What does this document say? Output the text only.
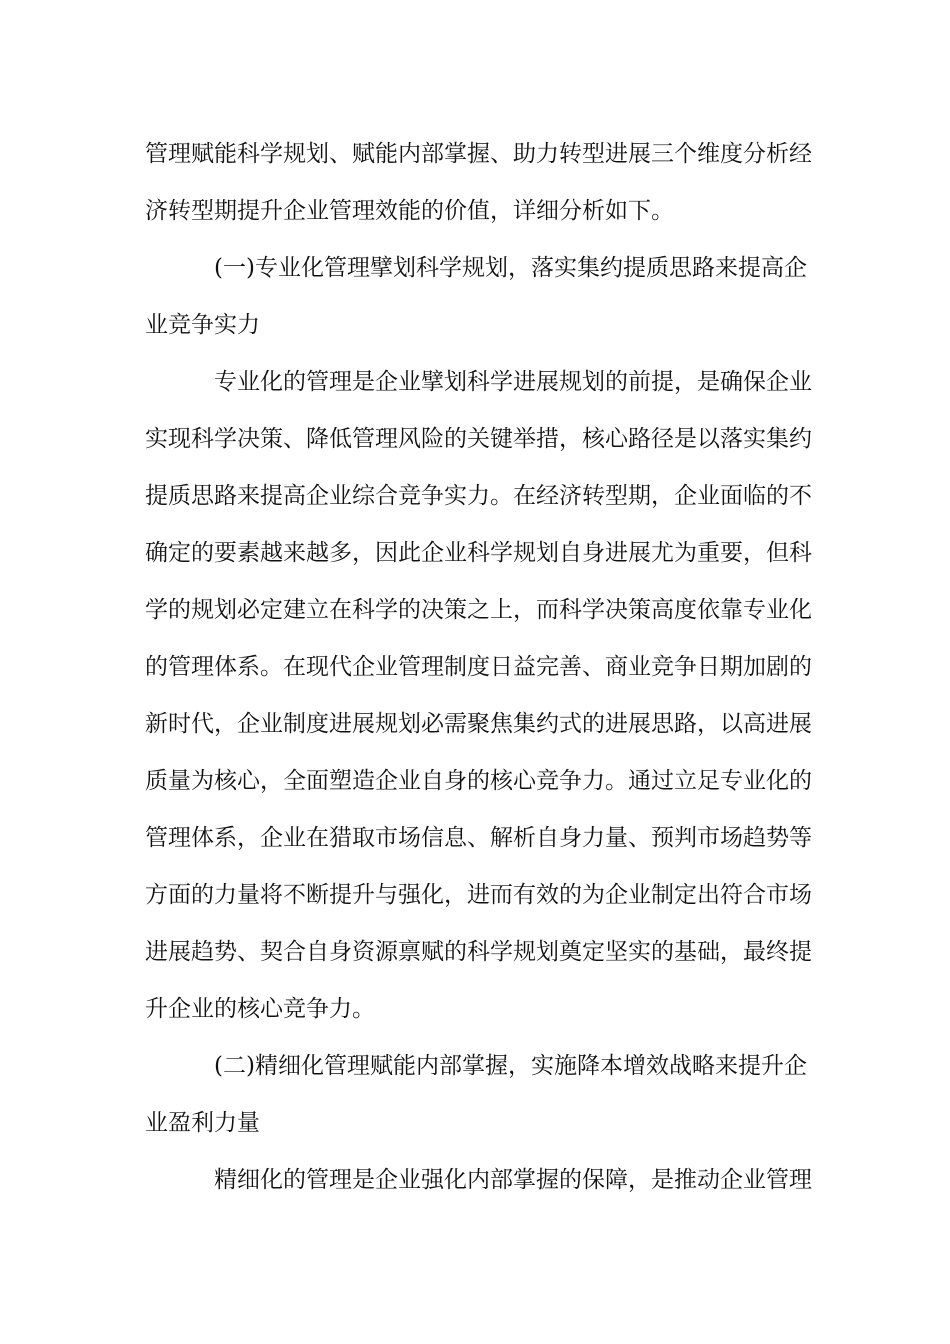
管理赋能科学规划、赋能内部掌握、助力转型进展三个维度分析经
济转型期提升企业管理效能的价值，详细分析如下。
(一)专业化管理擘划科学规划，落实集约提质思路来提高企
业竞争实力
专业化的管理是企业擘划科学进展规划的前提，是确保企业
实现科学决策、降低管理风险的关键举措，核心路径是以落实集约
提质思路来提高企业综合竞争实力。在经济转型期，企业面临的不
确定的要素越来越多，因此企业科学规划自身进展尤为重要，但科
学的规划必定建立在科学的决策之上，而科学决策高度依靠专业化
的管理体系。在现代企业管理制度日益完善、商业竞争日期加剧的
新时代，企业制度进展规划必需聚焦集约式的进展思路，以高进展
质量为核心，全面塑造企业自身的核心竞争力。通过立足专业化的
管理体系，企业在猎取市场信息、解析自身力量、预判市场趋势等
方面的力量将不断提升与强化，进而有效的为企业制定出符合市场
进展趋势、契合自身资源禀赋的科学规划奠定坚实的基础，最终提
升企业的核心竞争力。
(二)精细化管理赋能内部掌握，实施降本增效战略来提升企
业盈利力量
精细化的管理是企业强化内部掌握的保障，是推动企业管理
